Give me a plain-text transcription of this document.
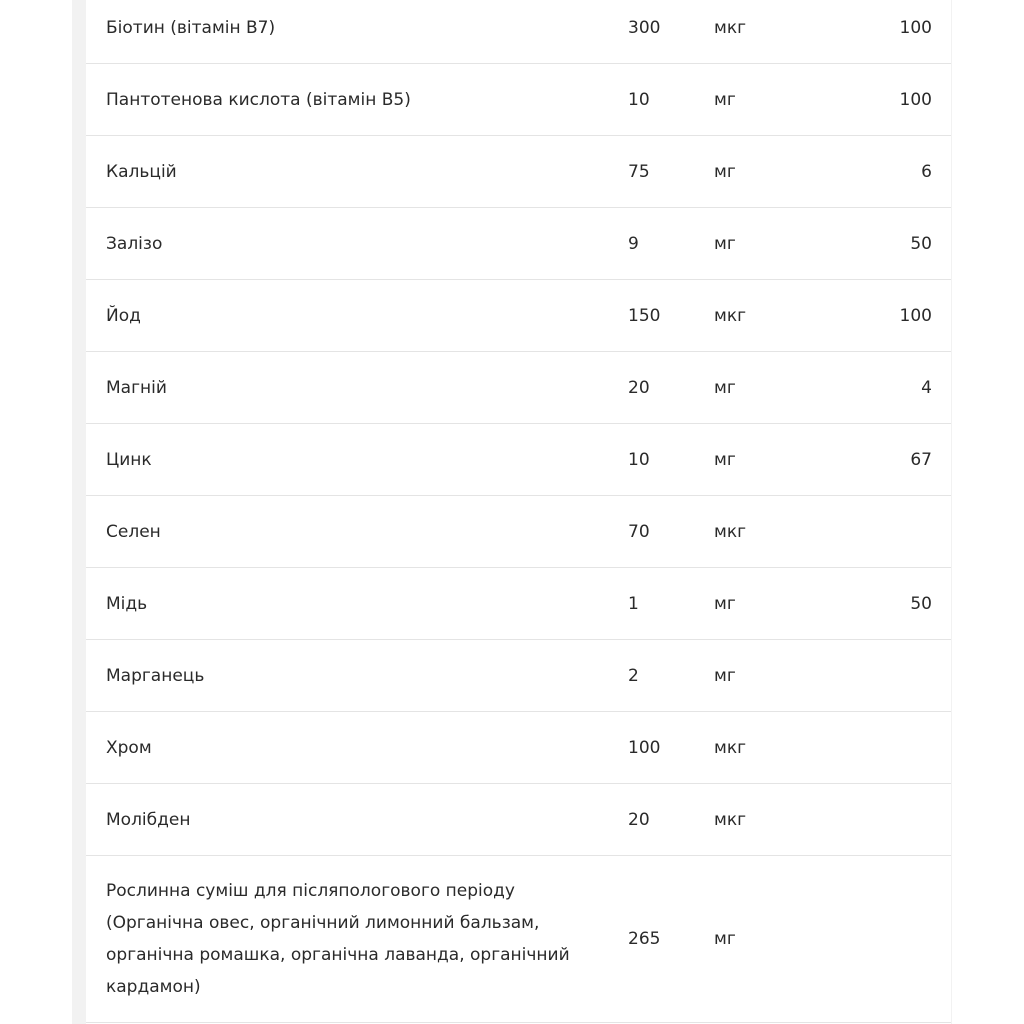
Біотин (вітамін B7)	300	мкг	100
Пантотенова кислота (вітамін B5)	10	мг	100
Кальцій	75	мг	6
Залізо	9	мг	50
Йод	150	мкг	100
Магній	20	мг	4
Цинк	10	мг	67
Селен	70	мкг	
Мідь	1	мг	50
Марганець	2	мг	
Хром	100	мкг	
Молібден	20	мкг	
Рослинна суміш для післяпологового періоду (Органічна овес, органічний лимонний бальзам, органічна ромашка, органічна лаванда, органічний кардамон)	265	мг	
